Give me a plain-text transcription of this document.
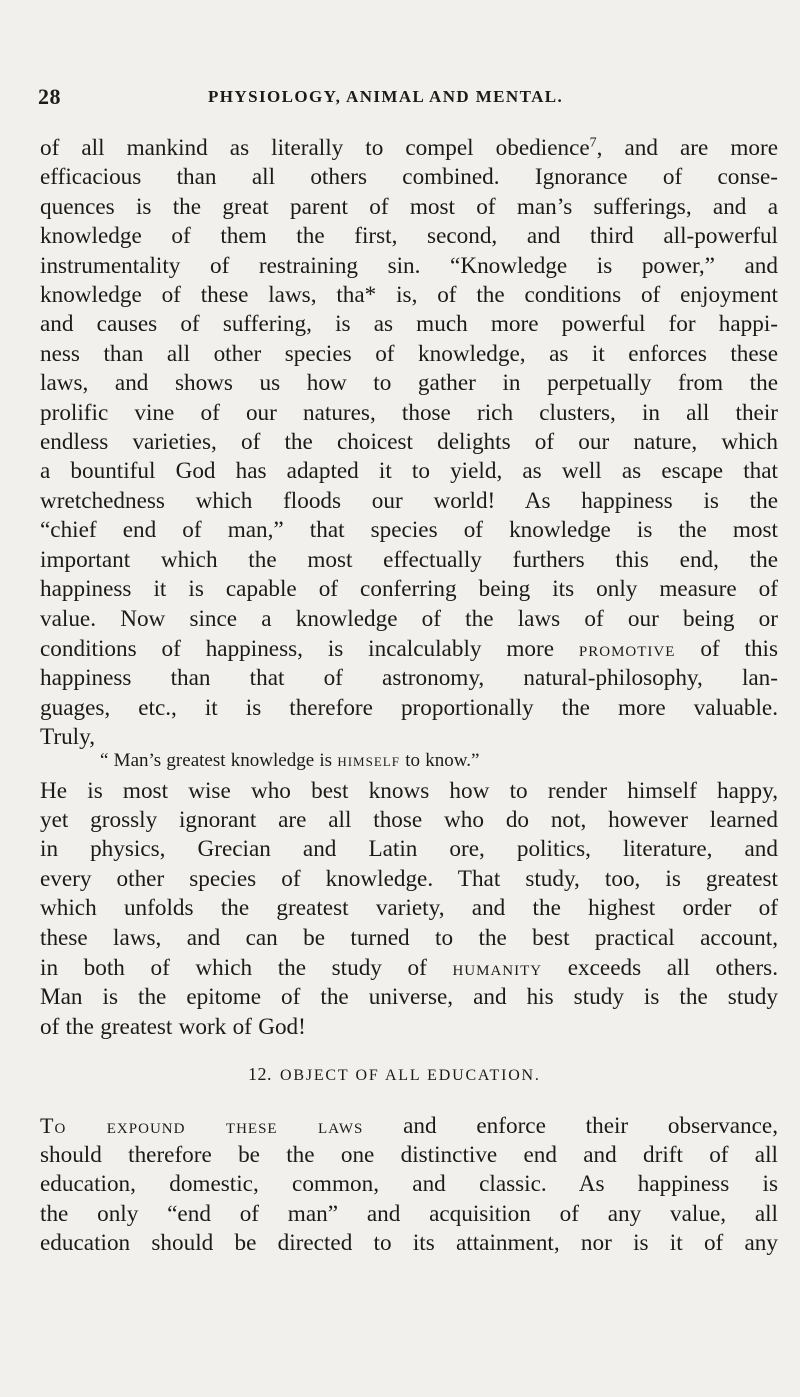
28	PHYSIOLOGY, ANIMAL AND MENTAL.
of all mankind as literally to compel obedience$^7$, and are more
efficacious than all others combined. Ignorance of conse-
quences is the great parent of most of man’s sufferings, and a
knowledge of them the first, second, and third all-powerful
instrumentality of restraining sin. “Knowledge is power,” and
knowledge of these laws, tha* is, of the conditions of enjoyment
and causes of suffering, is as much more powerful for happi-
ness than all other species of knowledge, as it enforces these
laws, and shows us how to gather in perpetually from the
prolific vine of our natures, those rich clusters, in all their
endless varieties, of the choicest delights of our nature, which
a bountiful God has adapted it to yield, as well as escape that
wretchedness which floods our world! As happiness is the
“chief end of man,” that species of knowledge is the most
important which the most effectually furthers this end, the
happiness it is capable of conferring being its only measure of
value. Now since a knowledge of the laws of our being or
conditions of happiness, is incalculably more promotive of this
happiness than that of astronomy, natural-philosophy, lan-
guages, etc., it is therefore proportionally the more valuable.
Truly,
“ Man’s greatest knowledge is himself to know.”
He is most wise who best knows how to render himself happy,
yet grossly ignorant are all those who do not, however learned
in physics, Grecian and Latin ore, politics, literature, and
every other species of knowledge. That study, too, is greatest
which unfolds the greatest variety, and the highest order of
these laws, and can be turned to the best practical account,
in both of which the study of humanity exceeds all others.
Man is the epitome of the universe, and his study is the study
of the greatest work of God!
12. OBJECT OF ALL EDUCATION.
To expound these laws and enforce their observance,
should therefore be the one distinctive end and drift of all
education, domestic, common, and classic. As happiness is
the only “end of man” and acquisition of any value, all
education should be directed to its attainment, nor is it of any
